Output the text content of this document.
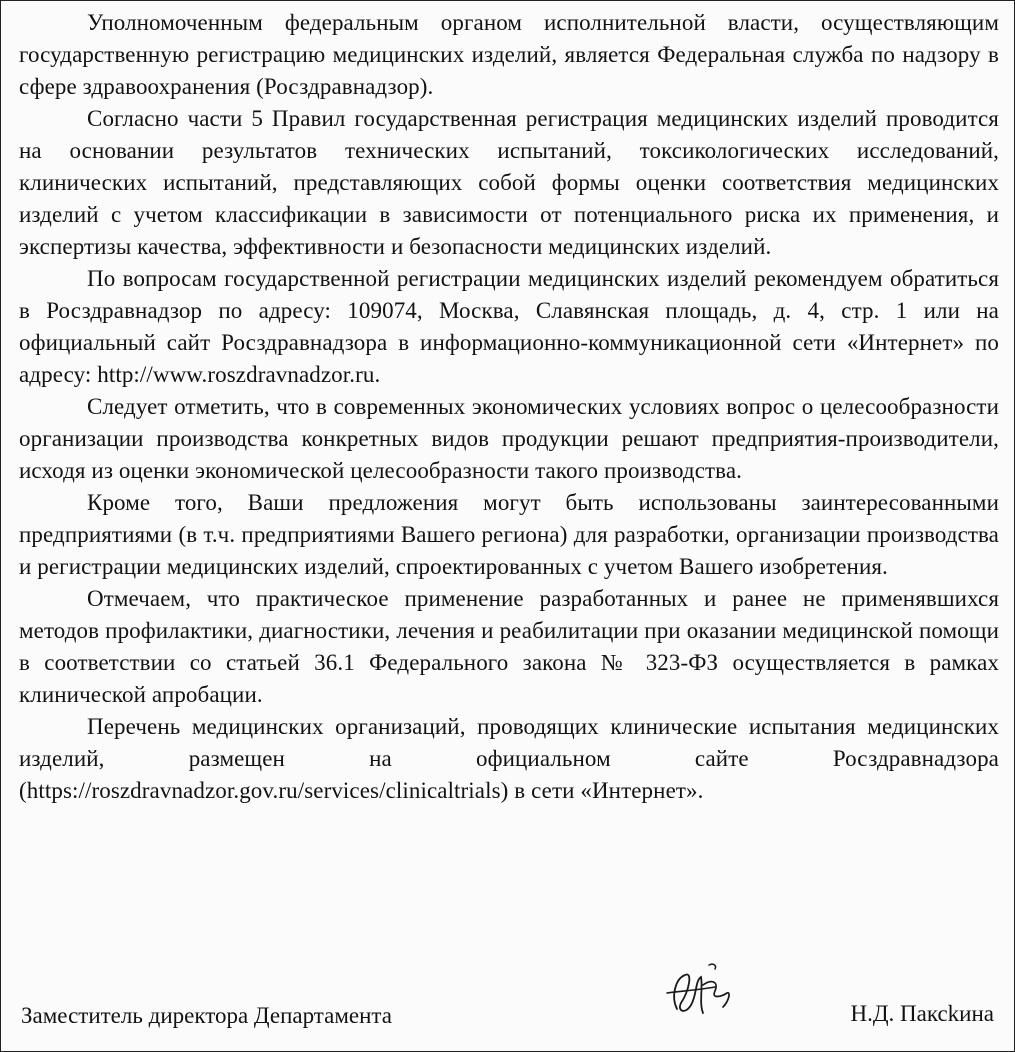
Уполномоченным федеральным органом исполнительной власти, осуществляющим государственную регистрацию медицинских изделий, является Федеральная служба по надзору в сфере здравоохранения (Росздравнадзор).

Согласно части 5 Правил государственная регистрация медицинских изделий проводится на основании результатов технических испытаний, токсикологических исследований, клинических испытаний, представляющих собой формы оценки соответствия медицинских изделий с учетом классификации в зависимости от потенциального риска их применения, и экспертизы качества, эффективности и безопасности медицинских изделий.

По вопросам государственной регистрации медицинских изделий рекомендуем обратиться в Росздравнадзор по адресу: 109074, Москва, Славянская площадь, д. 4, стр. 1 или на официальный сайт Росздравнадзора в информационно-коммуникационной сети «Интернет» по адресу: http://www.roszdravnadzor.ru.

Следует отметить, что в современных экономических условиях вопрос о целесообразности организации производства конкретных видов продукции решают предприятия-производители, исходя из оценки экономической целесообразности такого производства.

Кроме того, Ваши предложения могут быть использованы заинтересованными предприятиями (в т.ч. предприятиями Вашего региона) для разработки, организации производства и регистрации медицинских изделий, спроектированных с учетом Вашего изобретения.

Отмечаем, что практическое применение разработанных и ранее не применявшихся методов профилактики, диагностики, лечения и реабилитации при оказании медицинской помощи в соответствии со статьей 36.1 Федерального закона № 323-ФЗ осуществляется в рамках клинической апробации.

Перечень медицинских организаций, проводящих клинические испытания медицинских изделий, размещен на официальном сайте Росздравнадзора (https://roszdravnadzor.gov.ru/services/clinicaltrials) в сети «Интернет».

Заместитель директора Департамента	Н.Д. Паксkина
